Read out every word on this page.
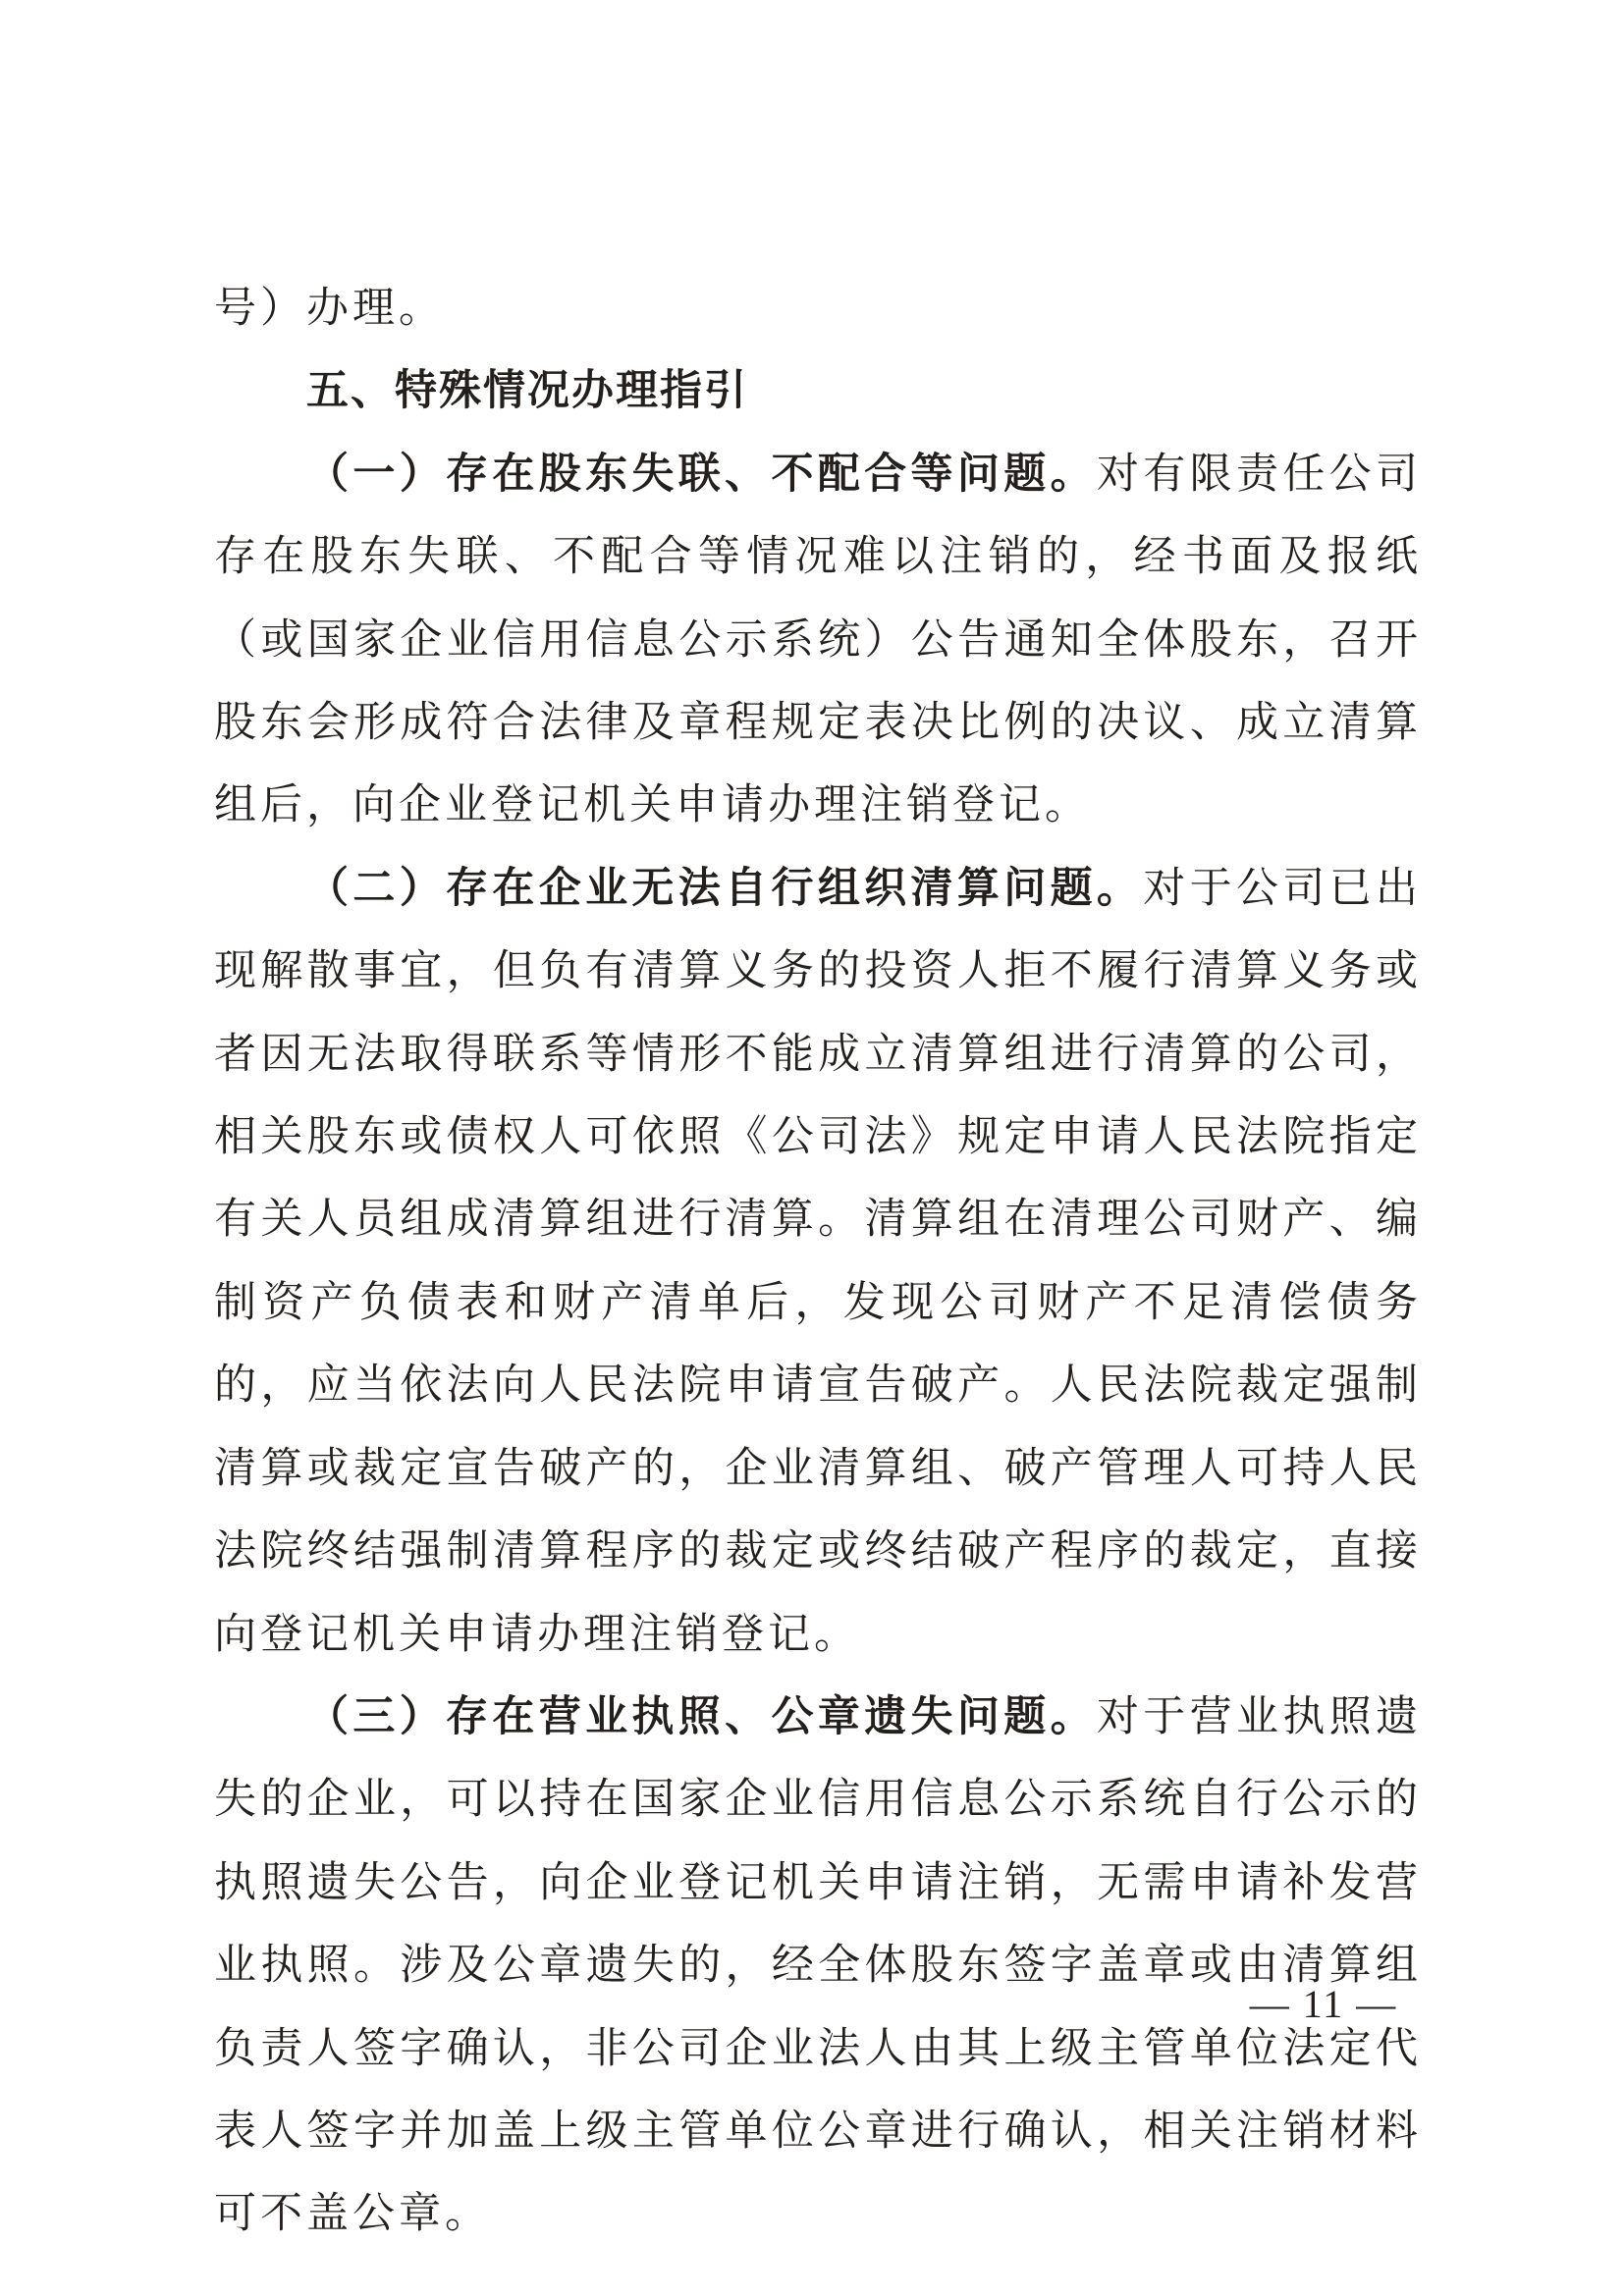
号）办理。

五、特殊情况办理指引

（一）存在股东失联、不配合等问题。对有限责任公司存在股东失联、不配合等情况难以注销的，经书面及报纸（或国家企业信用信息公示系统）公告通知全体股东，召开股东会形成符合法律及章程规定表决比例的决议、成立清算组后，向企业登记机关申请办理注销登记。

（二）存在企业无法自行组织清算问题。对于公司已出现解散事宜，但负有清算义务的投资人拒不履行清算义务或者因无法取得联系等情形不能成立清算组进行清算的公司，相关股东或债权人可依照《公司法》规定申请人民法院指定有关人员组成清算组进行清算。清算组在清理公司财产、编制资产负债表和财产清单后，发现公司财产不足清偿债务的，应当依法向人民法院申请宣告破产。人民法院裁定强制清算或裁定宣告破产的，企业清算组、破产管理人可持人民法院终结强制清算程序的裁定或终结破产程序的裁定，直接向登记机关申请办理注销登记。

（三）存在营业执照、公章遗失问题。对于营业执照遗失的企业，可以持在国家企业信用信息公示系统自行公示的执照遗失公告，向企业登记机关申请注销，无需申请补发营业执照。涉及公章遗失的，经全体股东签字盖章或由清算组负责人签字确认，非公司企业法人由其上级主管单位法定代表人签字并加盖上级主管单位公章进行确认，相关注销材料可不盖公章。

— 11 —
